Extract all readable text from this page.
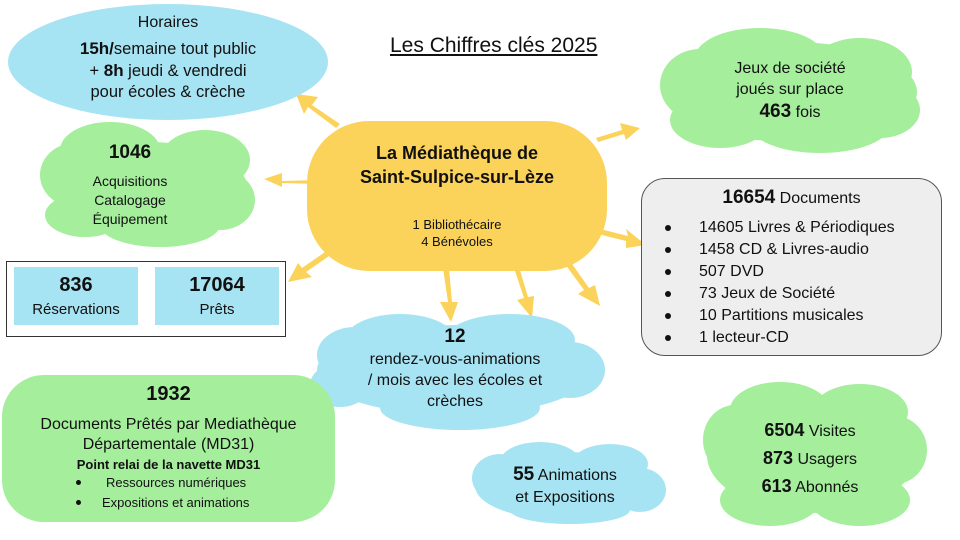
Les Chiffres clés 2025
Horaires
15h/semaine tout public
+ 8h jeudi & vendredi
pour écoles & crèche
La Médiathèque de
Saint-Sulpice-sur-Lèze
1 Bibliothécaire
4 Bénévoles
Jeux de société
joués sur place
463 fois
1046
Acquisitions
Catalogage
Équipement
836
Réservations
17064
Prêts
16654 Documents
14605 Livres & Périodiques
1458 CD & Livres-audio
507 DVD
73 Jeux de Société
10 Partitions musicales
1 lecteur-CD
12
rendez-vous-animations
/ mois avec les écoles et
crèches
1932
Documents Prêtés par Mediathèque
Départementale (MD31)
Point relai de la navette MD31
Ressources numériques
Expositions et animations
55 Animations
et Expositions
6504 Visites
873 Usagers
613 Abonnés
